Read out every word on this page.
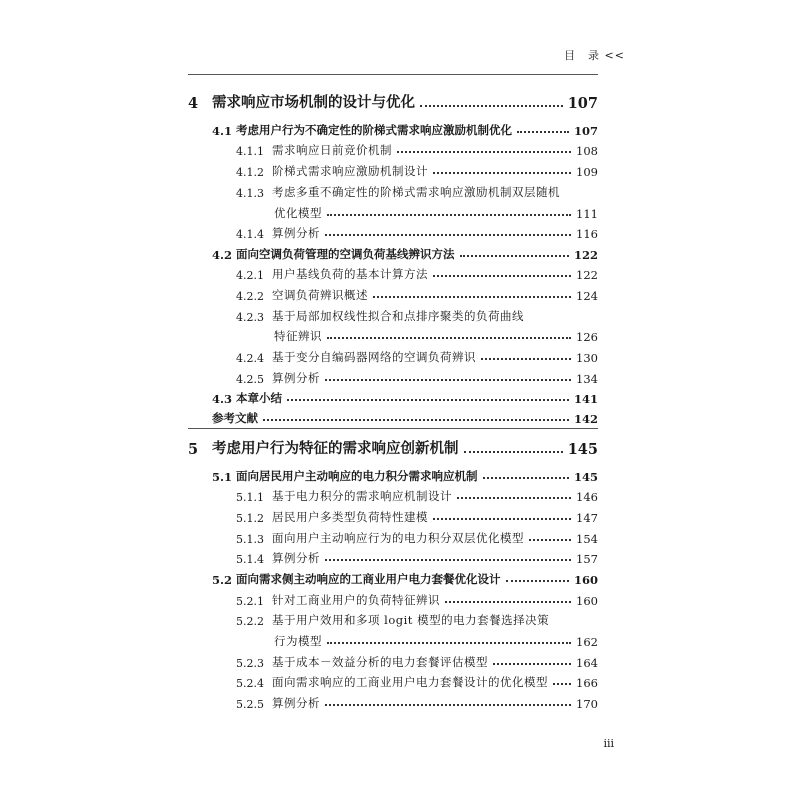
目　录 <<
4 需求响应市场机制的设计与优化	107
4.1 考虑用户行为不确定性的阶梯式需求响应激励机制优化	107
4.1.1 需求响应日前竞价机制	108
4.1.2 阶梯式需求响应激励机制设计	109
4.1.3 考虑多重不确定性的阶梯式需求响应激励机制双层随机
优化模型	111
4.1.4 算例分析	116
4.2 面向空调负荷管理的空调负荷基线辨识方法	122
4.2.1 用户基线负荷的基本计算方法	122
4.2.2 空调负荷辨识概述	124
4.2.3 基于局部加权线性拟合和点排序聚类的负荷曲线
特征辨识	126
4.2.4 基于变分自编码器网络的空调负荷辨识	130
4.2.5 算例分析	134
4.3 本章小结	141
参考文献	142
5 考虑用户行为特征的需求响应创新机制	145
5.1 面向居民用户主动响应的电力积分需求响应机制	145
5.1.1 基于电力积分的需求响应机制设计	146
5.1.2 居民用户多类型负荷特性建模	147
5.1.3 面向用户主动响应行为的电力积分双层优化模型	154
5.1.4 算例分析	157
5.2 面向需求侧主动响应的工商业用户电力套餐优化设计	160
5.2.1 针对工商业用户的负荷特征辨识	160
5.2.2 基于用户效用和多项 logit 模型的电力套餐选择决策
行为模型	162
5.2.3 基于成本－效益分析的电力套餐评估模型	164
5.2.4 面向需求响应的工商业用户电力套餐设计的优化模型 166
5.2.5 算例分析	170
iii
